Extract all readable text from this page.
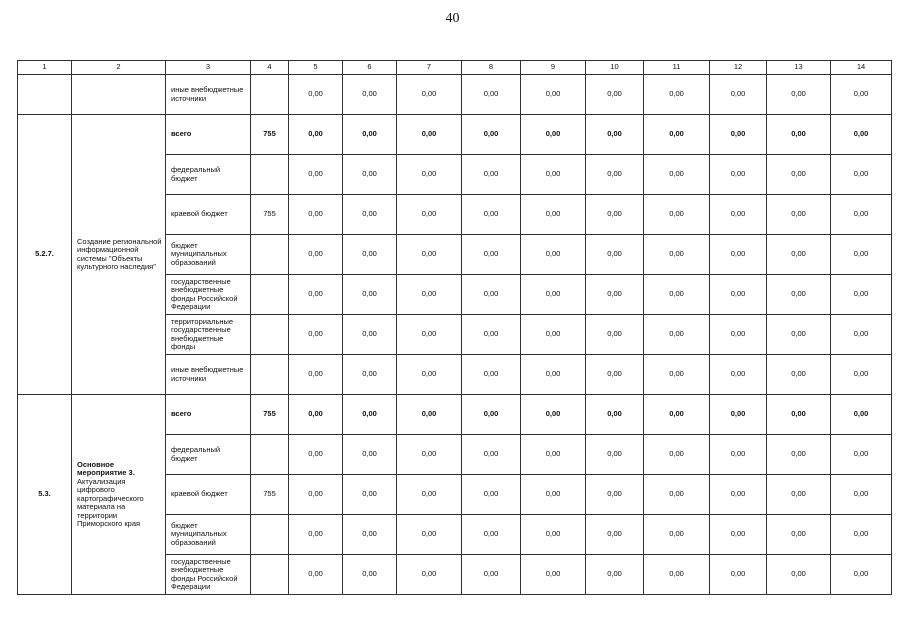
40
1	2	3	4	5	6	7	8	9	10	11	12	13	14
		иные внебюджетные источники		0,00	0,00	0,00	0,00	0,00	0,00	0,00	0,00	0,00	0,00
5.2.7.	Создание региональной информационной системы "Объекты культурного наследия"	всего	755	0,00	0,00	0,00	0,00	0,00	0,00	0,00	0,00	0,00	0,00
		федеральный бюджет		0,00	0,00	0,00	0,00	0,00	0,00	0,00	0,00	0,00	0,00
		краевой бюджет	755	0,00	0,00	0,00	0,00	0,00	0,00	0,00	0,00	0,00	0,00
		бюджет муниципальных образований		0,00	0,00	0,00	0,00	0,00	0,00	0,00	0,00	0,00	0,00
		государственные внебюджетные фонды Российской Федерации		0,00	0,00	0,00	0,00	0,00	0,00	0,00	0,00	0,00	0,00
		территориальные государственные внебюджетные фонды		0,00	0,00	0,00	0,00	0,00	0,00	0,00	0,00	0,00	0,00
		иные внебюджетные источники		0,00	0,00	0,00	0,00	0,00	0,00	0,00	0,00	0,00	0,00
5.3.	Основное мероприятие 3. Актуализация цифрового картографического материала на территории Приморского края	всего	755	0,00	0,00	0,00	0,00	0,00	0,00	0,00	0,00	0,00	0,00
		федеральный бюджет		0,00	0,00	0,00	0,00	0,00	0,00	0,00	0,00	0,00	0,00
		краевой бюджет	755	0,00	0,00	0,00	0,00	0,00	0,00	0,00	0,00	0,00	0,00
		бюджет муниципальных образований		0,00	0,00	0,00	0,00	0,00	0,00	0,00	0,00	0,00	0,00
		государственные внебюджетные фонды Российской Федерации		0,00	0,00	0,00	0,00	0,00	0,00	0,00	0,00	0,00	0,00
